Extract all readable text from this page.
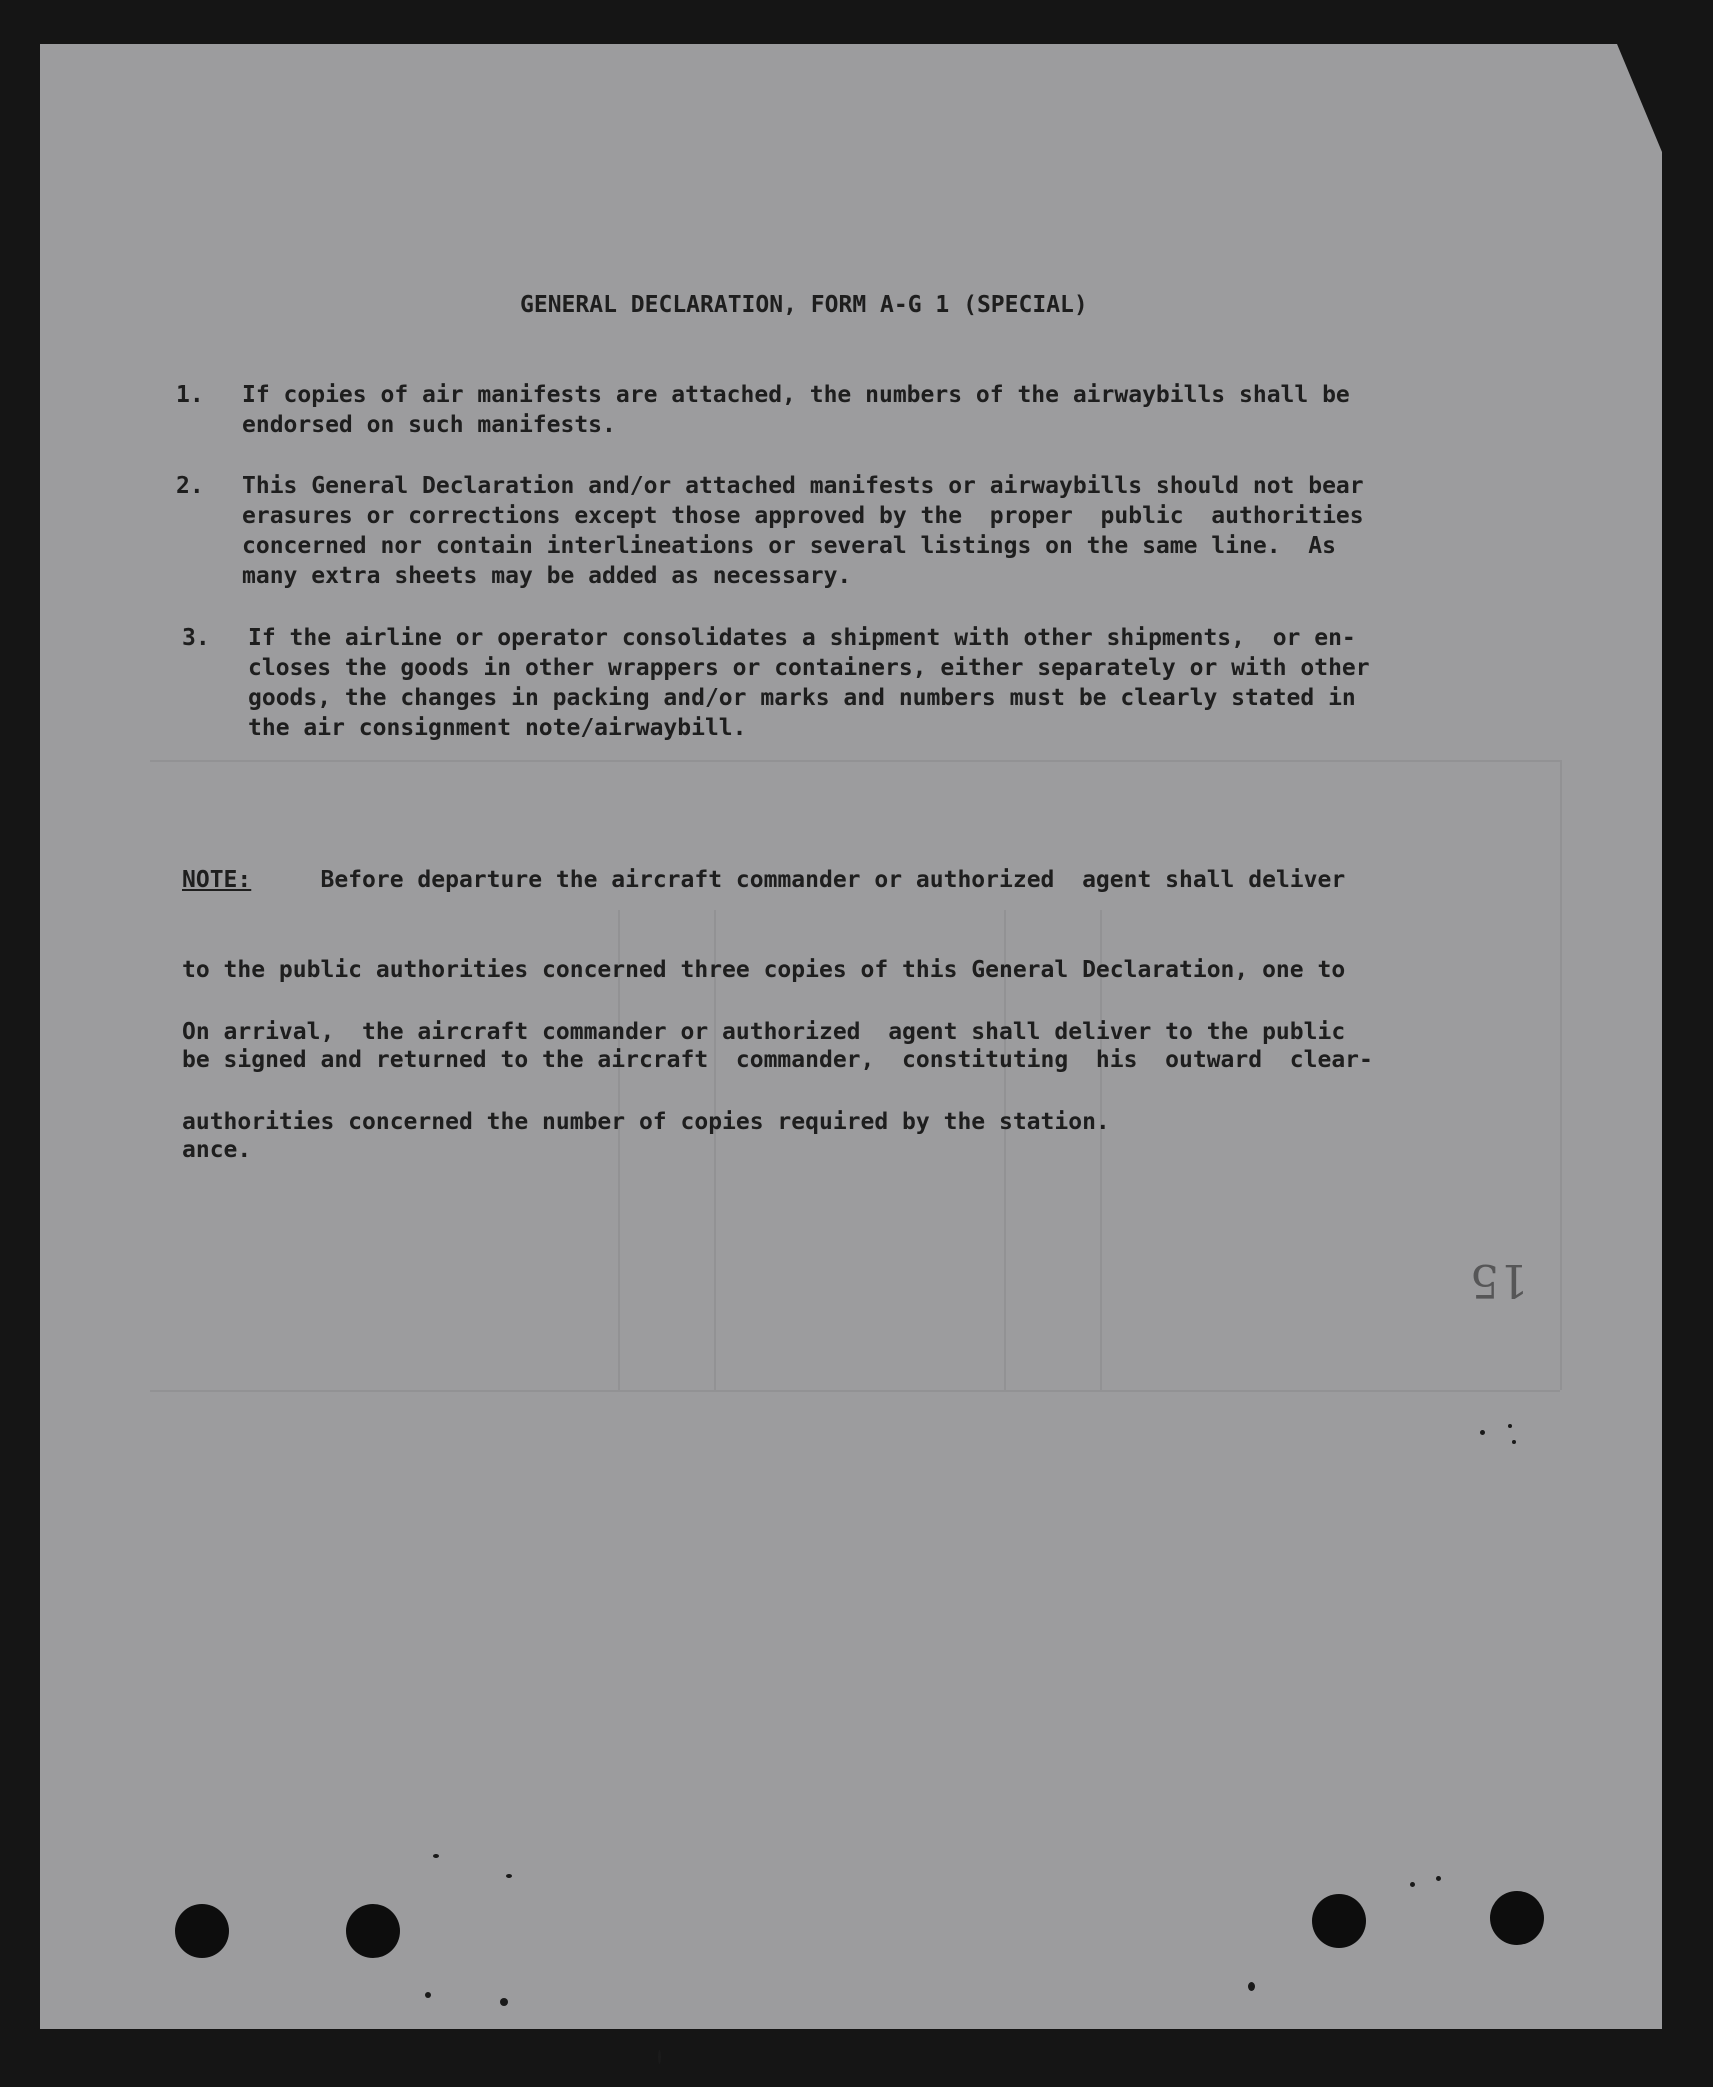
GENERAL DECLARATION, FORM A-G 1 (SPECIAL)
1. If copies of air manifests are attached, the numbers of the airwaybills shall be
endorsed on such manifests.
2. This General Declaration and/or attached manifests or airwaybills should not bear
erasures or corrections except those approved by the  proper  public  authorities
concerned nor contain interlineations or several listings on the same line.  As
many extra sheets may be added as necessary.
3. If the airline or operator consolidates a shipment with other shipments,  or en-
closes the goods in other wrappers or containers, either separately or with other
goods, the changes in packing and/or marks and numbers must be clearly stated in
the air consignment note/airwaybill.

NOTE:     Before departure the aircraft commander or authorized  agent shall deliver

to the public authorities concerned three copies of this General Declaration, one to

be signed and returned to the aircraft  commander,  constituting  his  outward  clear-

ance.

On arrival,  the aircraft commander or authorized  agent shall deliver to the public

authorities concerned the number of copies required by the station.

15
